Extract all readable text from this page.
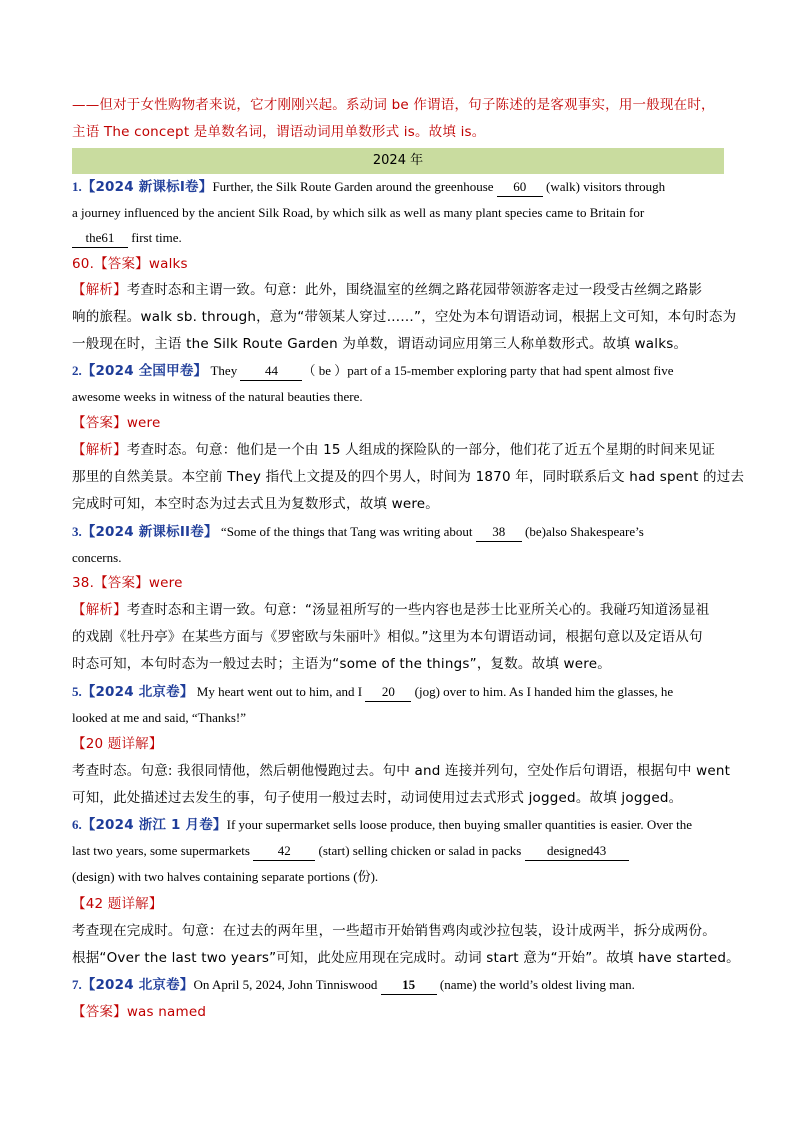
——但对于女性购物者来说，它才刚刚兴起。系动词 be 作谓语，句子陈述的是客观事实，用一般现在时，
主语 The concept 是单数名词，谓语动词用单数形式 is。故填 is。
2024 年
1.【2024 新课标Ⅰ卷】Further, the Silk Route Garden around the greenhouse 60 (walk) visitors through
a journey influenced by the ancient Silk Road, by which silk as well as many plant species came to Britain for
the61 first time.
60.【答案】walks
【解析】考查时态和主谓一致。句意：此外，围绕温室的丝绸之路花园带领游客走过一段受古丝绸之路影
响的旅程。walk sb. through，意为“带领某人穿过……”，空处为本句谓语动词，根据上文可知，本句时态为
一般现在时，主语 the Silk Route Garden 为单数，谓语动词应用第三人称单数形式。故填 walks。
2.【2024 全国甲卷】 They 44 （ be ）part of a 15-member exploring party that had spent almost five
awesome weeks in witness of the natural beauties there.
【答案】were
【解析】考查时态。句意：他们是一个由 15 人组成的探险队的一部分，他们花了近五个星期的时间来见证
那里的自然美景。本空前 They 指代上文提及的四个男人，时间为 1870 年，同时联系后文 had spent 的过去
完成时可知，本空时态为过去式且为复数形式，故填 were。
3.【2024 新课标ⅠⅠ卷】 “Some of the things that Tang was writing about 38 (be)also Shakespeare’s
concerns.
38.【答案】were
【解析】考查时态和主谓一致。句意：“汤显祖所写的一些内容也是莎士比亚所关心的。我碰巧知道汤显祖
的戏剧《牡丹亭》在某些方面与《罗密欧与朱丽叶》相似。”这里为本句谓语动词，根据句意以及定语从句
时态可知，本句时态为一般过去时；主语为“some of the things”，复数。故填 were。
5.【2024 北京卷】 My heart went out to him, and I 20 (jog) over to him. As I handed him the glasses, he
looked at me and said, “Thanks!”
【20 题详解】
考查时态。句意: 我很同情他，然后朝他慢跑过去。句中 and 连接并列句，空处作后句谓语，根据句中 went
可知，此处描述过去发生的事，句子使用一般过去时，动词使用过去式形式 jogged。故填 jogged。
6.【2024 浙江 1 月卷】If your supermarket sells loose produce, then buying smaller quantities is easier. Over the
last two years, some supermarkets 42 (start) selling chicken or salad in packs designed43
(design) with two halves containing separate portions (份).
【42 题详解】
考查现在完成时。句意：在过去的两年里，一些超市开始销售鸡肉或沙拉包装，设计成两半，拆分成两份。
根据“Over the last two years”可知，此处应用现在完成时。动词 start 意为“开始”。故填 have started。
7.【2024 北京卷】On April 5, 2024, John Tinniswood 15 (name) the world’s oldest living man.
【答案】was named
